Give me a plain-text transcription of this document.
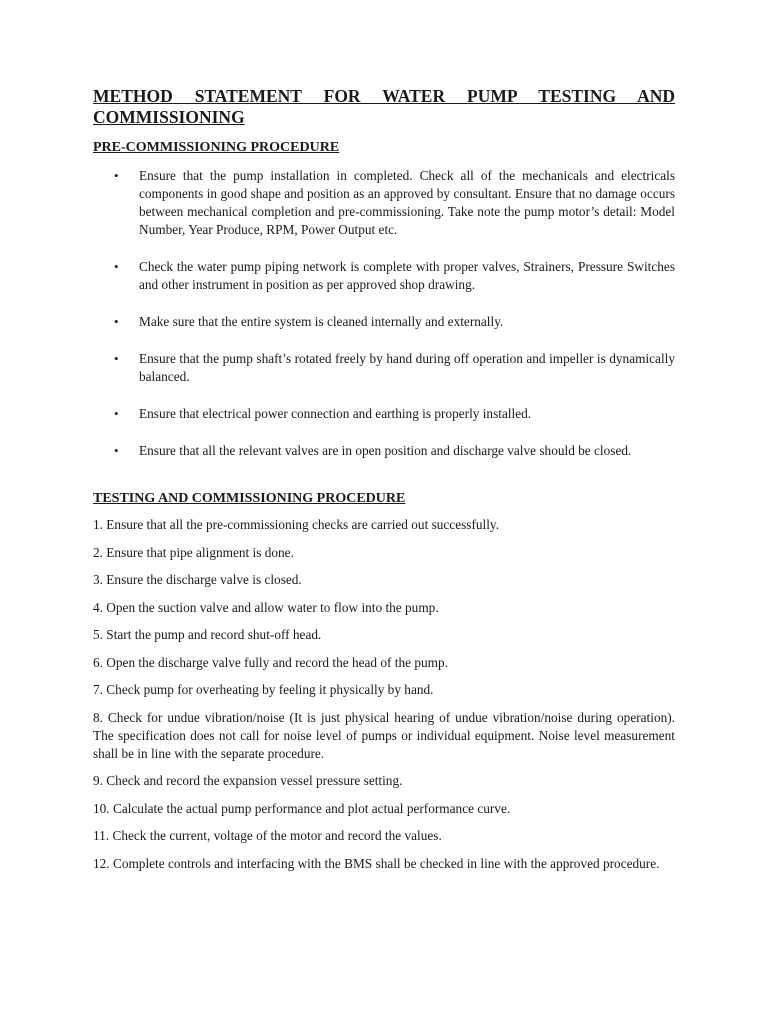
METHOD STATEMENT FOR WATER PUMP TESTING AND COMMISSIONING
PRE-COMMISSIONING PROCEDURE
• Ensure that the pump installation in completed. Check all of the mechanicals and electricals components in good shape and position as an approved by consultant. Ensure that no damage occurs between mechanical completion and pre-commissioning. Take note the pump motor’s detail: Model Number, Year Produce, RPM, Power Output etc.
• Check the water pump piping network is complete with proper valves, Strainers, Pressure Switches and other instrument in position as per approved shop drawing.
• Make sure that the entire system is cleaned internally and externally.
• Ensure that the pump shaft’s rotated freely by hand during off operation and impeller is dynamically balanced.
• Ensure that electrical power connection and earthing is properly installed.
• Ensure that all the relevant valves are in open position and discharge valve should be closed.
TESTING AND COMMISSIONING PROCEDURE
1. Ensure that all the pre-commissioning checks are carried out successfully.
2. Ensure that pipe alignment is done.
3. Ensure the discharge valve is closed.
4. Open the suction valve and allow water to flow into the pump.
5. Start the pump and record shut-off head.
6. Open the discharge valve fully and record the head of the pump.
7. Check pump for overheating by feeling it physically by hand.
8. Check for undue vibration/noise (It is just physical hearing of undue vibration/noise during operation). The specification does not call for noise level of pumps or individual equipment. Noise level measurement shall be in line with the separate procedure.
9. Check and record the expansion vessel pressure setting.
10. Calculate the actual pump performance and plot actual performance curve.
11. Check the current, voltage of the motor and record the values.
12. Complete controls and interfacing with the BMS shall be checked in line with the approved procedure.
